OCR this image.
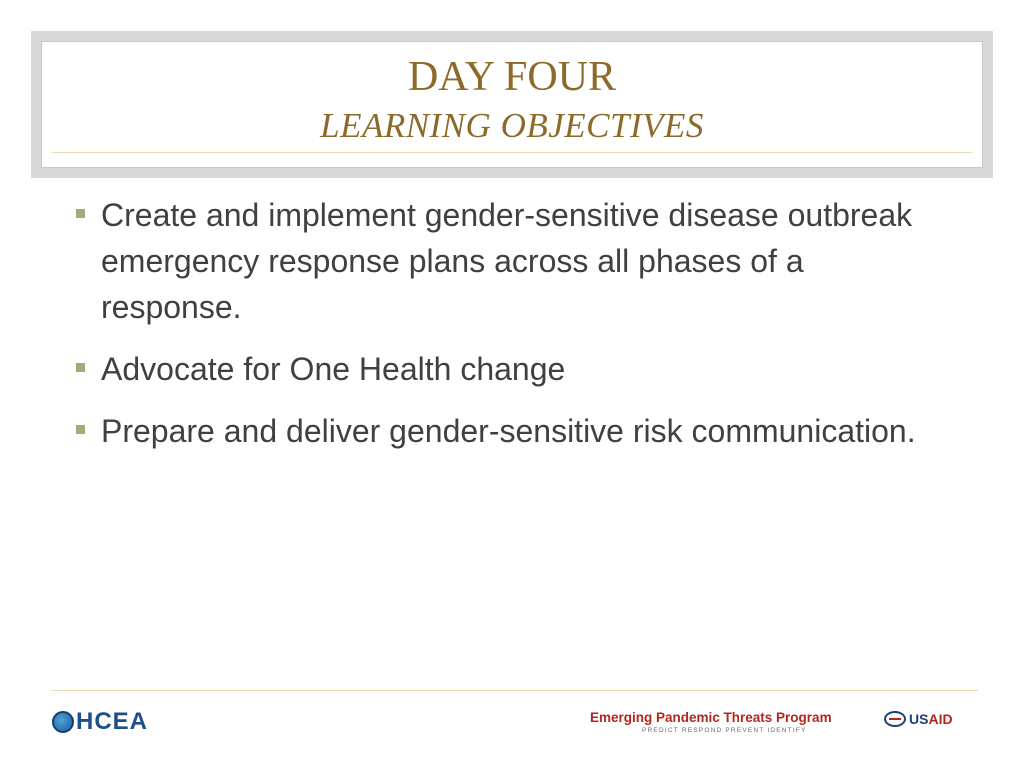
DAY FOUR
LEARNING OBJECTIVES
Create and implement gender-sensitive disease outbreak emergency response plans across all phases of a response.
Advocate for One Health change
Prepare and deliver gender-sensitive risk communication.
HCEA	Emerging Pandemic Threats Program
PREDICT RESPOND PREVENT IDENTIFY
USAID
